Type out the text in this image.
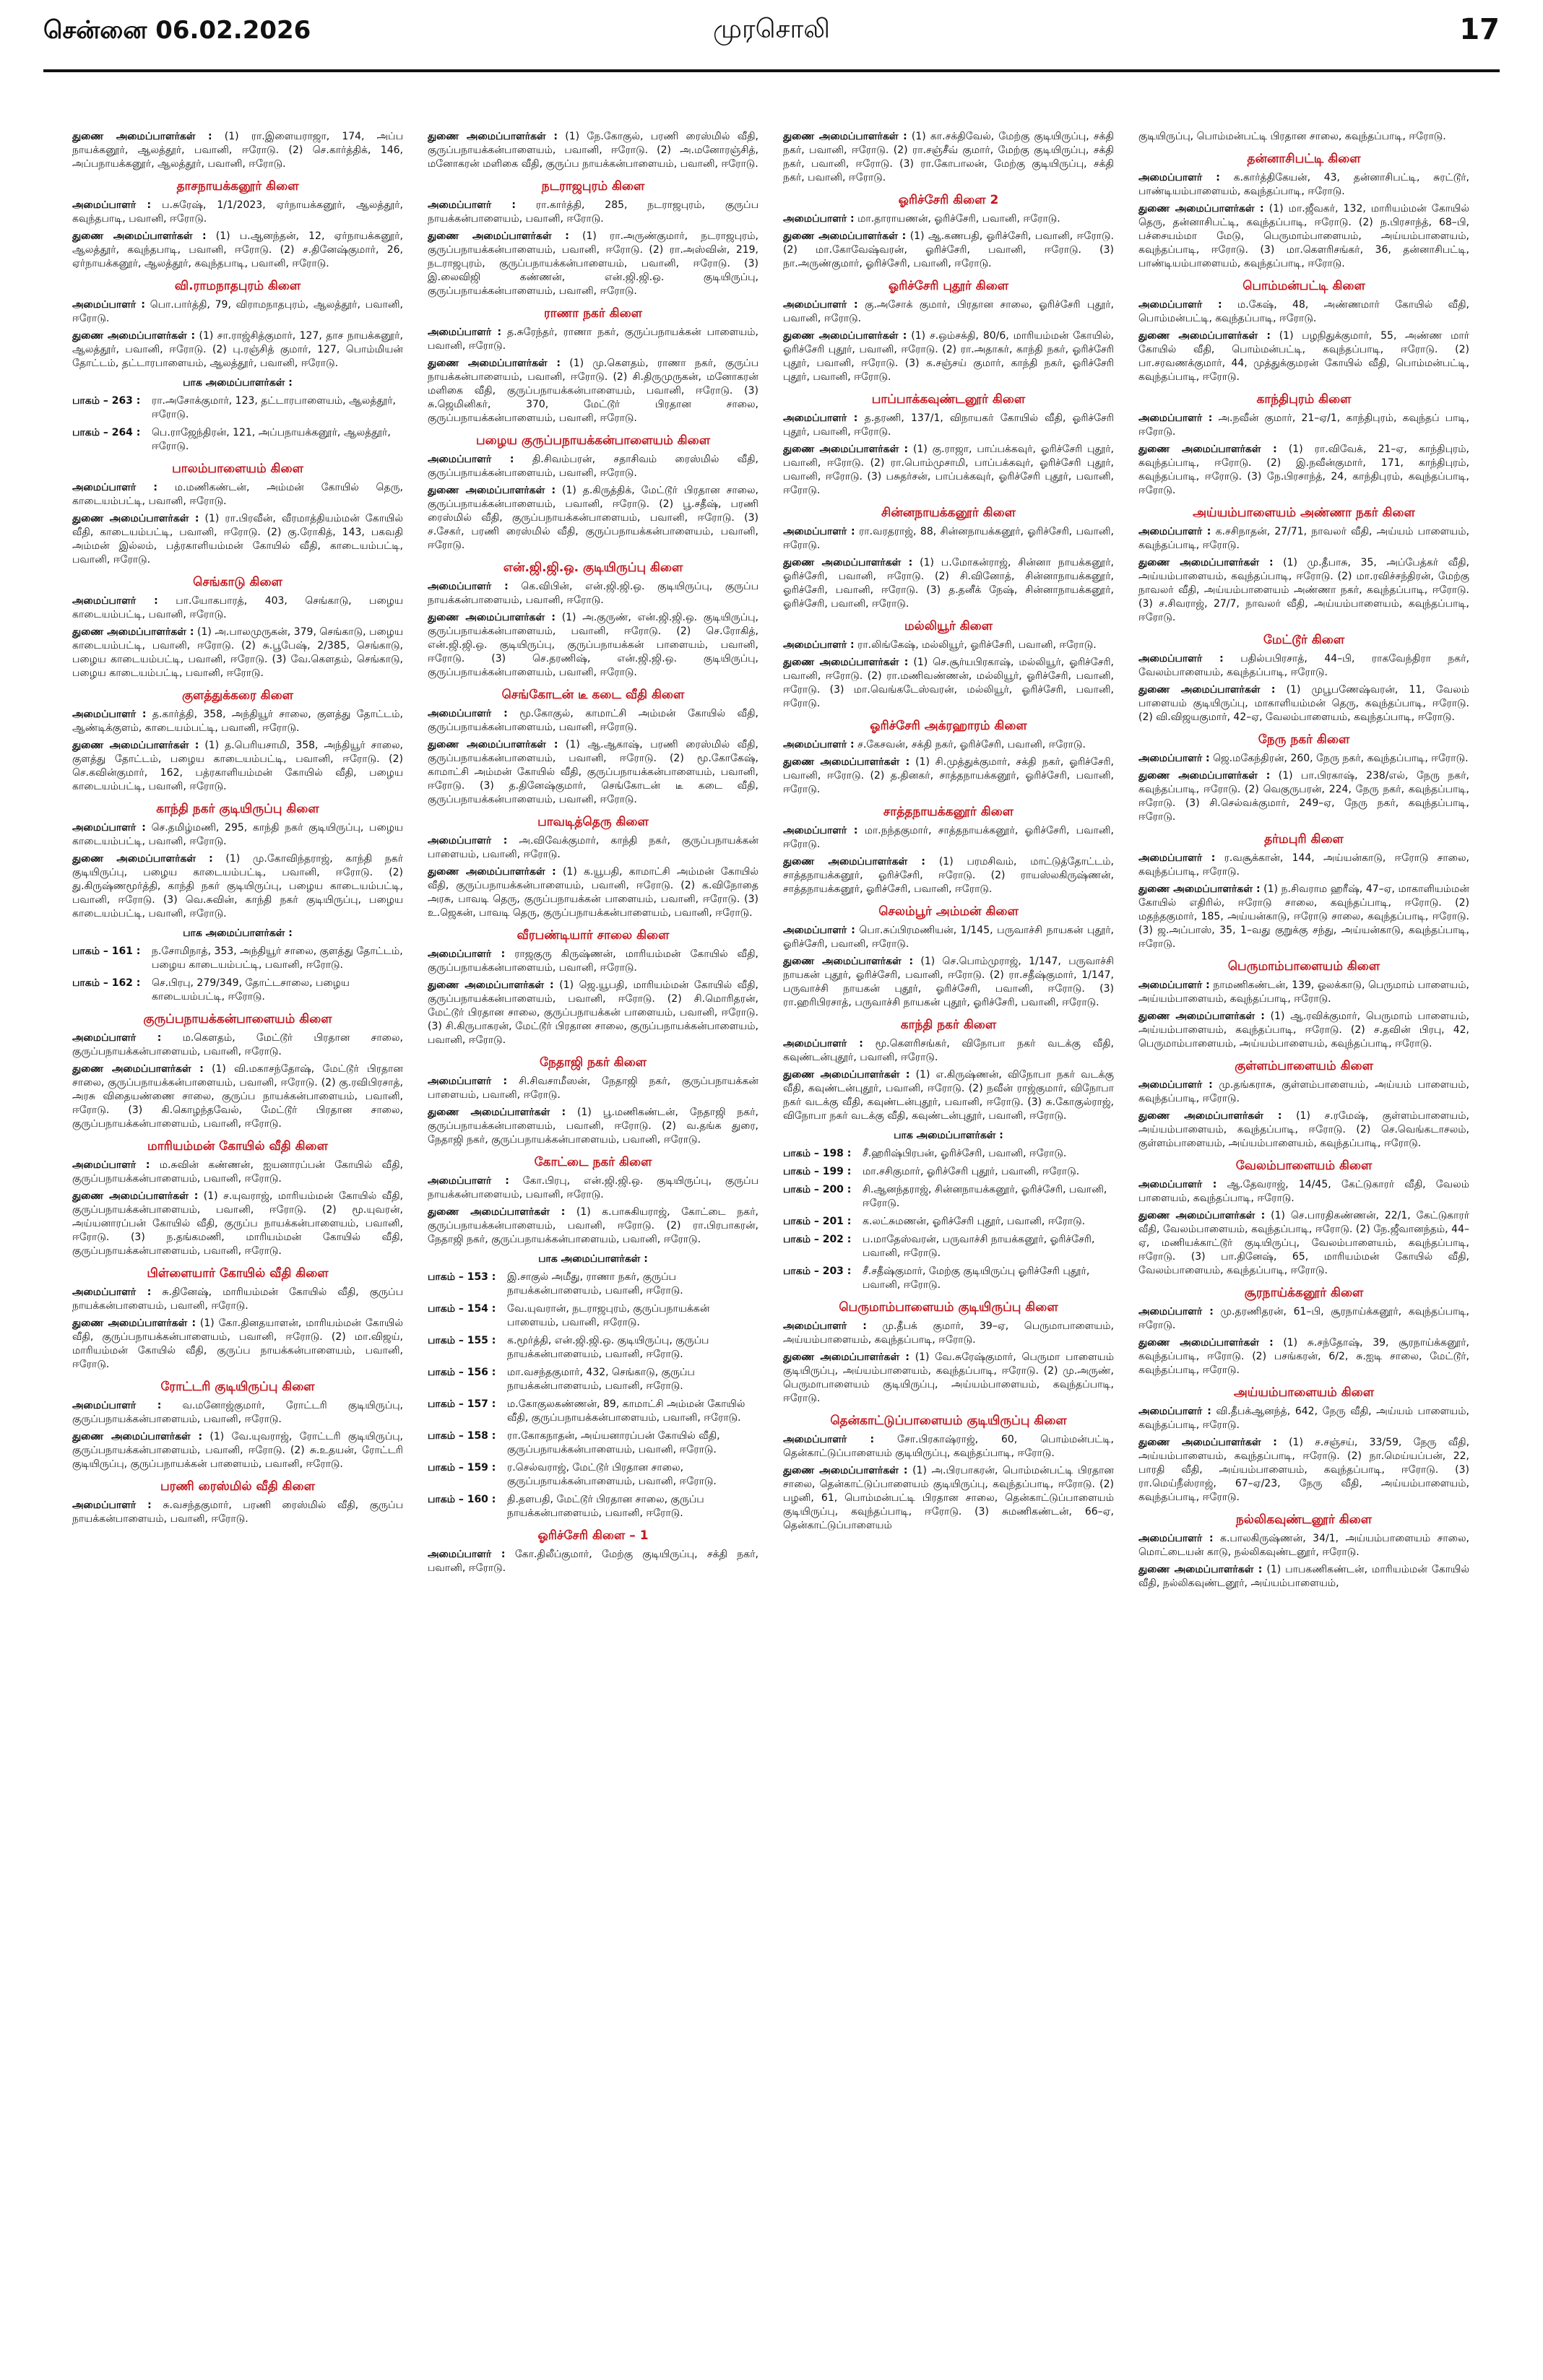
சென்னை 06.02.2026	முரசொலி	17
துணை அமைப்பாளர்கள் : (1) ரா.இளையராஜா, 174, அப்ப நாயக்கனூர், ஆலத்தூர், பவானி, ஈரோடு. (2) செ.கார்த்திக், 146, அப்பநாயக்கனூர், ஆலத்தூர், பவானி, ஈரோடு.
தாசநாயக்கனூர் கிளை
அமைப்பாளர் : ப.சுரேஷ், 1/1/2023, ஏர்நாயக்கனூர், ஆலத்தூர், கவுந்தபாடி, பவானி, ஈரோடு.
துணை அமைப்பாளர்கள் : (1) ப.ஆனந்தன், 12, ஏர்நாயக்கனூர், ஆலத்தூர், கவுந்தபாடி, பவானி, ஈரோடு. (2) ச.தினேஷ்குமார், 26, ஏர்நாயக்கனூர், ஆலத்தூர், கவுந்தபாடி, பவானி, ஈரோடு.
வி.ராமநாதபுரம் கிளை
அமைப்பாளர் : பொ.பார்த்தி, 79, விராமநாதபுரம், ஆலத்தூர், பவானி, ஈரோடு.
துணை அமைப்பாளர்கள் : (1) சா.ராஜ்சித்குமார், 127, தாச நாயக்கனூர், ஆலத்தூர், பவானி, ஈரோடு. (2) பு.ரஞ்சித் குமார், 127, பொம்மியன் தோட்டம், தட்டாரபாளையம், ஆலத்தூர், பவானி, ஈரோடு.
பாக அமைப்பாளர்கள் :
பாகம் – 263 :	ரா.அசோக்குமார், 123, தட்டாரபாளையம், ஆலத்தூர், ஈரோடு.
பாகம் – 264 :	பெ.ராஜேந்திரன், 121, அப்பநாயக்கனூர், ஆலத்தூர், ஈரோடு.
பாலம்பாளையம் கிளை
அமைப்பாளர் : ம.மணிகண்டன், அம்மன் கோயில் தெரு, காடையம்பட்டி, பவானி, ஈரோடு.
துணை அமைப்பாளர்கள் : (1) ரா.பிரவீன், வீரமாத்தியம்மன் கோயில் வீதி, காடையம்பட்டி, பவானி, ஈரோடு. (2) கு.ரோகித், 143, பகவதி அம்மன் இல்லம், பத்ரகாளியம்மன் கோயில் வீதி, காடையம்பட்டி, பவானி, ஈரோடு.
செங்காடு கிளை
அமைப்பாளர் : பா.யோகபாரத், 403, செங்காடு, பழைய காடையம்பட்டி, பவானி, ஈரோடு.
துணை அமைப்பாளர்கள் : (1) அ.பாலமுருகன், 379, செங்காடு, பழைய காடையம்பட்டி, பவானி, ஈரோடு. (2) சு.பூபேஷ், 2/385, செங்காடு, பழைய காடையம்பட்டி, பவானி, ஈரோடு. (3) வே.கௌதம், செங்காடு, பழைய காடையம்பட்டி, பவானி, ஈரோடு.
குளத்துக்கரை கிளை
அமைப்பாளர் : த.கார்த்தி, 358, அந்தியூர் சாலை, குளத்து தோட்டம், ஆண்டிக்குளம், காடையம்பட்டி, பவானி, ஈரோடு.
துணை அமைப்பாளர்கள் : (1) த.பெரியசாமி, 358, அந்தியூர் சாலை, குளத்து தோட்டம், பழைய காடையம்பட்டி, பவானி, ஈரோடு. (2) செ.கவின்குமார், 162, பத்ரகாளியம்மன் கோயில் வீதி, பழைய காடையம்பட்டி, பவானி, ஈரோடு.
காந்தி நகர் குடியிருப்பு கிளை
அமைப்பாளர் : செ.தமிழ்மணி, 295, காந்தி நகர் குடியிருப்பு, பழைய காடையம்பட்டி, பவானி, ஈரோடு.
துணை அமைப்பாளர்கள் : (1) மு.கோவிந்தராஜ், காந்தி நகர் குடியிருப்பு, பழைய காடையம்பட்டி, பவானி, ஈரோடு. (2) து.கிருஷ்ணமூர்த்தி, காந்தி நகர் குடியிருப்பு, பழைய காடையம்பட்டி, பவானி, ஈரோடு. (3) வெ.சுவின், காந்தி நகர் குடியிருப்பு, பழைய காடையம்பட்டி, பவானி, ஈரோடு.
பாக அமைப்பாளர்கள் :
பாகம் – 161 :	ந.சோமிநாத், 353, அந்தியூர் சாலை, குளத்து தோட்டம், பழைய காடையம்பட்டி, பவானி, ஈரோடு.
பாகம் – 162 :	செ.பிரபு, 279/349, தோட்டசாலை, பழைய காடையம்பட்டி, ஈரோடு.
குருப்பநாயக்கன்பாளையம் கிளை
அமைப்பாளர் : ம.கௌதம், மேட்டூர் பிரதான சாலை, குருப்பநாயக்கன்பாளையம், பவானி, ஈரோடு.
துணை அமைப்பாளர்கள் : (1) வி.மகாசந்தோஷ், மேட்டூர் பிரதான சாலை, குருப்பநாயக்கன்பாளையம், பவானி, ஈரோடு. (2) கு.ரவிபிரசாத், அரசு விதையண்ணை சாலை, குருப்ப நாயக்கன்பாளையம், பவானி, ஈரோடு. (3) கி.கொழந்தவேல், மேட்டூர் பிரதான சாலை, குருப்பநாயக்கன்பாளையம், பவானி, ஈரோடு.
மாரியம்மன் கோயில் வீதி கிளை
அமைப்பாளர் : ம.சுவின் கண்ணன், ஐயனாரப்பன் கோயில் வீதி, குருப்பநாயக்கன்பாளையம், பவானி, ஈரோடு.
துணை அமைப்பாளர்கள் : (1) ச.யுவராஜ், மாரியம்மன் கோயில் வீதி, குருப்பநாயக்கன்பாளையம், பவானி, ஈரோடு. (2) மூ.யுவரன், அய்யனாரப்பன் கோயில் வீதி, குருப்ப நாயக்கன்பாளையம், பவானி, ஈரோடு. (3) ந.தங்கமணி, மாரியம்மன் கோயில் வீதி, குருப்பநாயக்கன்பாளையம், பவானி, ஈரோடு.
பிள்ளையார் கோயில் வீதி கிளை
அமைப்பாளர் : சு.தினேஷ், மாரியம்மன் கோயில் வீதி, குருப்ப நாயக்கன்பாளையம், பவானி, ஈரோடு.
துணை அமைப்பாளர்கள் : (1) கோ.தினதயாளன், மாரியம்மன் கோயில் வீதி, குருப்பநாயக்கன்பாளையம், பவானி, ஈரோடு. (2) மா.விஜய், மாரியம்மன் கோயில் வீதி, குருப்ப நாயக்கன்பாளையம், பவானி, ஈரோடு.
ரோட்டரி குடியிருப்பு கிளை
அமைப்பாளர் : வ.மனோஜ்குமார், ரோட்டரி குடியிருப்பு, குருப்பநாயக்கன்பாளையம், பவானி, ஈரோடு.
துணை அமைப்பாளர்கள் : (1) வே.யுவராஜ், ரோட்டரி குடியிருப்பு, குருப்பநாயக்கன்பாளையம், பவானி, ஈரோடு. (2) சு.உதயன், ரோட்டரி குடியிருப்பு, குருப்பநாயக்கன் பாளையம், பவானி, ஈரோடு.
பரணி ரைஸ்மில் வீதி கிளை
அமைப்பாளர் : சு.வசந்தகுமார், பரணி ரைஸ்மில் வீதி, குருப்ப நாயக்கன்பாளையம், பவானி, ஈரோடு.
துணை அமைப்பாளர்கள் : (1) நே.கோகுல், பரணி ரைஸ்மில் வீதி, குருப்பநாயக்கன்பாளையம், பவானி, ஈரோடு. (2) அ.மனோரஞ்சித், மனோகரன் மளிகை வீதி, குருப்ப நாயக்கன்பாளையம், பவானி, ஈரோடு.
நடராஜபுரம் கிளை
அமைப்பாளர் : ரா.கார்த்தி, 285, நடராஜபுரம், குருப்ப நாயக்கன்பாளையம், பவானி, ஈரோடு.
துணை அமைப்பாளர்கள் : (1) ரா.அருண்குமார், நடராஜபுரம், குருப்பநாயக்கன்பாளையம், பவானி, ஈரோடு. (2) ரா.அஸ்வின், 219, நடராஜபுரம், குருப்பநாயக்கன்பாளையம், பவானி, ஈரோடு. (3) இ.லைவிஜி கண்ணன், என்.ஜி.ஜி.ஒ. குடியிருப்பு, குருப்பநாயக்கன்பாளையம், பவானி, ஈரோடு.
ராணா நகர் கிளை
அமைப்பாளர் : த.சுரேந்தர், ராணா நகர், குருப்பநாயக்கன் பாளையம், பவானி, ஈரோடு.
துணை அமைப்பாளர்கள் : (1) மு.கௌதம், ராணா நகர், குருப்ப நாயக்கன்பாளையம், பவானி, ஈரோடு. (2) சி.திருமுருகன், மனோகரன் மளிகை வீதி, குருப்பநாயக்கன்பாளையம், பவானி, ஈரோடு. (3) சு.ஜெமினிகர், 370, மேட்டூர் பிரதான சாலை, குருப்பநாயக்கன்பாளையம், பவானி, ஈரோடு.
பழைய குருப்பநாயக்கன்பாளையம் கிளை
அமைப்பாளர் : தி.சிவம்பரன், சதாசிவம் ரைஸ்மில் வீதி, குருப்பநாயக்கன்பாளையம், பவானி, ஈரோடு.
துணை அமைப்பாளர்கள் : (1) த.கிருத்திக், மேட்டூர் பிரதான சாலை, குருப்பநாயக்கன்பாளையம், பவானி, ஈரோடு. (2) பூ.சதீஷ், பரணி ரைஸ்மில் வீதி, குருப்பநாயக்கன்பாளையம், பவானி, ஈரோடு. (3) ச.சேகர், பரணி ரைஸ்மில் வீதி, குருப்பநாயக்கன்பாளையம், பவானி, ஈரோடு.
என்.ஜி.ஜி.ஒ. குடியிருப்பு கிளை
அமைப்பாளர் : கெ.விபின், என்.ஜி.ஜி.ஒ. குடியிருப்பு, குருப்ப நாயக்கன்பாளையம், பவானி, ஈரோடு.
துணை அமைப்பாளர்கள் : (1) அ.குருண், என்.ஜி.ஜி.ஒ. குடியிருப்பு, குருப்பநாயக்கன்பாளையம், பவானி, ஈரோடு. (2) செ.ரோகித், என்.ஜி.ஜி.ஒ. குடியிருப்பு, குருப்பநாயக்கன் பாளையம், பவானி, ஈரோடு. (3) செ.தரணிஷ், என்.ஜி.ஜி.ஒ. குடியிருப்பு, குருப்பநாயக்கன்பாளையம், பவானி, ஈரோடு.
செங்கோடன் டீ கடை வீதி கிளை
அமைப்பாளர் : மூ.கோகுல், காமாட்சி அம்மன் கோயில் வீதி, குருப்பநாயக்கன்பாளையம், பவானி, ஈரோடு.
துணை அமைப்பாளர்கள் : (1) ஆ.ஆகாஷ், பரணி ரைஸ்மில் வீதி, குருப்பநாயக்கன்பாளையம், பவானி, ஈரோடு. (2) மூ.கோகேஷ், காமாட்சி அம்மன் கோயில் வீதி, குருப்பநாயக்கன்பாளையம், பவானி, ஈரோடு. (3) த.தினேஷ்குமார், செங்கோடன் டீ கடை வீதி, குருப்பநாயக்கன்பாளையம், பவானி, ஈரோடு.
பாவடித்தெரு கிளை
அமைப்பாளர் : அ.விவேக்குமார், காந்தி நகர், குருப்பநாயக்கன் பாளையம், பவானி, ஈரோடு.
துணை அமைப்பாளர்கள் : (1) க.யூபதி, காமாட்சி அம்மன் கோயில் வீதி, குருப்பநாயக்கன்பாளையம், பவானி, ஈரோடு. (2) க.விநோதை அரசு, பாவடி தெரு, குருப்பநாயக்கன் பாளையம், பவானி, ஈரோடு. (3) உ.ஜெகன், பாவடி தெரு, குருப்பநாயக்கன்பாளையம், பவானி, ஈரோடு.
வீரபண்டியார் சாலை கிளை
அமைப்பாளர் : ராஜகுரு கிருஷ்ணன், மாரியம்மன் கோயில் வீதி, குருப்பநாயக்கன்பாளையம், பவானி, ஈரோடு.
துணை அமைப்பாளர்கள் : (1) ஜெ.யூபதி, மாரியம்மன் கோயில் வீதி, குருப்பநாயக்கன்பாளையம், பவானி, ஈரோடு. (2) சி.மொரிதரன், மேட்டூர் பிரதான சாலை, குருப்பநாயக்கன் பாளையம், பவானி, ஈரோடு. (3) சி.கிருபாகரன், மேட்டூர் பிரதான சாலை, குருப்பநாயக்கன்பாளையம், பவானி, ஈரோடு.
நேதாஜி நகர் கிளை
அமைப்பாளர் : சி.சிவசாமீஸன், நேதாஜி நகர், குருப்பநாயக்கன் பாளையம், பவானி, ஈரோடு.
துணை அமைப்பாளர்கள் : (1) பூ.மணிகண்டன், நேதாஜி நகர், குருப்பநாயக்கன்பாளையம், பவானி, ஈரோடு. (2) வ.தங்க துரை, நேதாஜி நகர், குருப்பநாயக்கன்பாளையம், பவானி, ஈரோடு.
கோட்டை நகர் கிளை
அமைப்பாளர் : கோ.பிரபு, என்.ஜி.ஜி.ஒ. குடியிருப்பு, குருப்ப நாயக்கன்பாளையம், பவானி, ஈரோடு.
துணை அமைப்பாளர்கள் : (1) க.பாசுகியராஜ், கோட்டை நகர், குருப்பநாயக்கன்பாளையம், பவானி, ஈரோடு. (2) ரா.பிரபாகரன், நேதாஜி நகர், குருப்பநாயக்கன்பாளையம், பவானி, ஈரோடு.
பாக அமைப்பாளர்கள் :
பாகம் – 153 :	இ.சாகுல் அமீது, ராணா நகர், குருப்ப நாயக்கன்பாளையம், பவானி, ஈரோடு.
பாகம் – 154 :	வே.யுவரான், நடராஜபுரம், குருப்பநாயக்கன் பாளையம், பவானி, ஈரோடு.
பாகம் – 155 :	க.மூர்த்தி, என்.ஜி.ஜி.ஒ. குடியிருப்பு, குருப்ப நாயக்கன்பாளையம், பவானி, ஈரோடு.
பாகம் – 156 :	மா.வசந்தகுமார், 432, செங்காடு, குருப்ப நாயக்கன்பாளையம், பவானி, ஈரோடு.
பாகம் – 157 :	ம.கோகுலகண்ணன், 89, காமாட்சி அம்மன் கோயில் வீதி, குருப்பநாயக்கன்பாளையம், பவானி, ஈரோடு.
பாகம் – 158 :	ரா.கோகநாதன், அய்யனாரப்பன் கோயில் வீதி, குருப்பநாயக்கன்பாளையம், பவானி, ஈரோடு.
பாகம் – 159 :	ர.செல்வராஜ், மேட்டூர் பிரதான சாலை, குருப்பநாயக்கன்பாளையம், பவானி, ஈரோடு.
பாகம் – 160 :	தி.தளபதி, மேட்டூர் பிரதான சாலை, குருப்ப நாயக்கன்பாளையம், பவானி, ஈரோடு.
ஓரிச்சேரி கிளை – 1
அமைப்பாளர் : கோ.திலீப்குமார், மேற்கு குடியிருப்பு, சக்தி நகர், பவானி, ஈரோடு.
துணை அமைப்பாளர்கள் : (1) கா.சக்திவேல், மேற்கு குடியிருப்பு, சக்தி நகர், பவானி, ஈரோடு. (2) ரா.சஞ்சீவ் குமார், மேற்கு குடியிருப்பு, சக்தி நகர், பவானி, ஈரோடு. (3) ரா.கோபாலன், மேற்கு குடியிருப்பு, சக்தி நகர், பவானி, ஈரோடு.
ஓரிச்சேரி கிளை 2
அமைப்பாளர் : மா.தாராயணன், ஓரிச்சேரி, பவானி, ஈரோடு.
துணை அமைப்பாளர்கள் : (1) ஆ.கணபதி, ஓரிச்சேரி, பவானி, ஈரோடு. (2) மா.கோவேஷ்வரன், ஓரிச்சேரி, பவானி, ஈரோடு. (3) நா.அருண்குமார், ஓரிச்சேரி, பவானி, ஈரோடு.
ஓரிச்சேரி புதூர் கிளை
அமைப்பாளர் : கு.அசோக் குமார், பிரதான சாலை, ஓரிச்சேரி புதூர், பவானி, ஈரோடு.
துணை அமைப்பாளர்கள் : (1) ச.ஒம்சக்தி, 80/6, மாரியம்மன் கோயில், ஓரிச்சேரி புதூர், பவானி, ஈரோடு. (2) ரா.அதாகர், காந்தி நகர், ஓரிச்சேரி புதூர், பவானி, ஈரோடு. (3) க.சஞ்சய் குமார், காந்தி நகர், ஓரிச்சேரி புதூர், பவானி, ஈரோடு.
பாப்பாக்கவுண்டனூர் கிளை
அமைப்பாளர் : த.தரணி, 137/1, விநாயகர் கோயில் வீதி, ஓரிச்சேரி புதூர், பவானி, ஈரோடு.
துணை அமைப்பாளர்கள் : (1) கு.ராஜா, பாப்பக்கவுர், ஓரிச்சேரி புதூர், பவானி, ஈரோடு. (2) ரா.பொம்முசாமி, பாப்பக்கவுர், ஓரிச்சேரி புதூர், பவானி, ஈரோடு. (3) பசுதர்சன், பாப்பக்கவுர், ஓரிச்சேரி புதூர், பவானி, ஈரோடு.
சின்னநாயக்கனூர் கிளை
அமைப்பாளர் : ரா.வரதராஜ், 88, சின்னநாயக்கனூர், ஓரிச்சேரி, பவானி, ஈரோடு.
துணை அமைப்பாளர்கள் : (1) ப.மோகன்ராஜ், சின்னா நாயக்கனூர், ஓரிச்சேரி, பவானி, ஈரோடு. (2) சி.வினோத், சின்னாநாயக்கனூர், ஓரிச்சேரி, பவானி, ஈரோடு. (3) த.தனீக் நேஷ், சின்னாநாயக்கனூர், ஓரிச்சேரி, பவானி, ஈரோடு.
மல்லியூர் கிளை
அமைப்பாளர் : ரா.லிங்கேஷ், மல்லியூர், ஓரிச்சேரி, பவானி, ஈரோடு.
துணை அமைப்பாளர்கள் : (1) செ.சூர்யபிரகாஷ், மல்லியூர், ஓரிச்சேரி, பவானி, ஈரோடு. (2) ரா.மணிவண்ணன், மல்லியூர், ஓரிச்சேரி, பவானி, ஈரோடு. (3) மா.வெங்கடேஸ்வரன், மல்லியூர், ஓரிச்சேரி, பவானி, ஈரோடு.
ஓரிச்சேரி அக்ரஹாரம் கிளை
அமைப்பாளர் : ச.கேசவன், சக்தி நகர், ஓரிச்சேரி, பவானி, ஈரோடு.
துணை அமைப்பாளர்கள் : (1) சி.முத்துக்குமார், சக்தி நகர், ஓரிச்சேரி, பவானி, ஈரோடு. (2) த.தினகர், சாத்தநாயக்கனூர், ஓரிச்சேரி, பவானி, ஈரோடு.
சாத்தநாயக்கனூர் கிளை
அமைப்பாளர் : மா.நந்தகுமார், சாத்தநாயக்கனூர், ஓரிச்சேரி, பவானி, ஈரோடு.
துணை அமைப்பாளர்கள் : (1) பரமசிவம், மாட்டுத்தோட்டம், சாத்தநாயக்கனூர், ஓரிச்சேரி, ஈரோடு. (2) ராயஸ்லகிருஷ்ணன், சாத்தநாயக்கனூர், ஓரிச்சேரி, பவானி, ஈரோடு.
செலம்பூர் அம்மன் கிளை
அமைப்பாளர் : பொ.சுப்பிரமணியன், 1/145, பருவாச்சி நாயகன் புதூர், ஓரிச்சேரி, பவானி, ஈரோடு.
துணை அமைப்பாளர்கள் : (1) செ.பொம்முராஜ், 1/147, பருவாச்சி நாயகன் புதூர், ஓரிச்சேரி, பவானி, ஈரோடு. (2) ரா.சதீஷ்குமார், 1/147, பருவாச்சி நாயகன் புதூர், ஓரிச்சேரி, பவானி, ஈரோடு. (3) ரா.ஹரிபிரசாத், பருவாச்சி நாயகன் புதூர், ஓரிச்சேரி, பவானி, ஈரோடு.
காந்தி நகர் கிளை
அமைப்பாளர் : மூ.கௌரிசங்கர், விநோபா நகர் வடக்கு வீதி, கவுண்டன்புதூர், பவானி, ஈரோடு.
துணை அமைப்பாளர்கள் : (1) எ.கிருஷ்ணன், விநோபா நகர் வடக்கு வீதி, கவுண்டன்புதூர், பவானி, ஈரோடு. (2) நவீன் ராஜ்குமார், விநோபா நகர் வடக்கு வீதி, கவுண்டன்புதூர், பவானி, ஈரோடு. (3) சு.கோகுல்ராஜ், விநோபா நகர் வடக்கு வீதி, கவுண்டன்புதூர், பவானி, ஈரோடு.
பாக அமைப்பாளர்கள் :
பாகம் – 198 :	சீ.ஹரிஷ்பிரபன், ஓரிச்சேரி, பவானி, ஈரோடு.
பாகம் – 199 :	மா.சசிகுமார், ஓரிச்சேரி புதூர், பவானி, ஈரோடு.
பாகம் – 200 :	சி.ஆனந்தராஜ், சின்னநாயக்கனூர், ஓரிச்சேரி, பவானி, ஈரோடு.
பாகம் – 201 :	க.லட்சுமணன், ஓரிச்சேரி புதூர், பவானி, ஈரோடு.
பாகம் – 202 :	ப.மாதேஸ்வரன், பருவாச்சி நாயக்கனூர், ஓரிச்சேரி, பவானி, ஈரோடு.
பாகம் – 203 :	சீ.சதீஷ்குமார், மேற்கு குடியிருப்பு ஓரிச்சேரி புதூர், பவானி, ஈரோடு.
பெருமாம்பாளையம் குடியிருப்பு கிளை
அமைப்பாளர் : மு.தீபக் குமார், 39–ஏ, பெருமாபாளையம், அய்யம்பாளையம், கவுந்தப்பாடி, ஈரோடு.
துணை அமைப்பாளர்கள் : (1) வே.சுரேஷ்குமார், பெருமா பாளையம் குடியிருப்பு, அய்யம்பாளையம், கவுந்தப்பாடி, ஈரோடு. (2) மு.அருண், பெருமாபாளையம் குடியிருப்பு, அய்யம்பாளையம், கவுந்தப்பாடி, ஈரோடு.
தென்காட்டுப்பாளையம் குடியிருப்பு கிளை
அமைப்பாளர் : சோ.பிரகாஷ்ராஜ், 60, பொம்மன்பட்டி, தென்காட்டுப்பாளையம் குடியிருப்பு, கவுந்தப்பாடி, ஈரோடு.
துணை அமைப்பாளர்கள் : (1) அ.பிரபாகரன், பொம்மன்பட்டி பிரதான சாலை, தென்காட்டுப்பாளையம் குடியிருப்பு, கவுந்தப்பாடி, ஈரோடு. (2) பழனி, 61, பொம்மன்பட்டி பிரதான சாலை, தென்காட்டுப்பாளையம் குடியிருப்பு, கவுந்தப்பாடி, ஈரோடு. (3) சுமணிகண்டன், 66–ஏ, தென்காட்டுப்பாளையம்
குடியிருப்பு, பொம்மன்பட்டி பிரதான சாலை, கவுந்தப்பாடி, ஈரோடு.
தன்னாசிபட்டி கிளை
அமைப்பாளர் : க.கார்த்திகேயன், 43, தன்னாசிபட்டி, சுரட்டூர், பாண்டியம்பாளையம், கவுந்தப்பாடி, ஈரோடு.
துணை அமைப்பாளர்கள் : (1) மா.ஜீவகர், 132, மாரியம்மன் கோயில் தெரு, தன்னாசிபட்டி, கவுந்தப்பாடி, ஈரோடு. (2) ந.பிரசாந்த், 68–பி, பச்சையம்மா மேடு, பெருமாம்பாளையம், அய்யம்பாளையம், கவுந்தப்பாடி, ஈரோடு. (3) மா.கௌரிசங்கர், 36, தன்னாசிபட்டி, பாண்டியம்பாளையம், கவுந்தப்பாடி, ஈரோடு.
பொம்மன்பட்டி கிளை
அமைப்பாளர் : ம.கேஷ், 48, அண்ணமார் கோயில் வீதி, பொம்மன்பட்டி, கவுந்தப்பாடி, ஈரோடு.
துணை அமைப்பாளர்கள் : (1) பழநிதுக்குமார், 55, அண்ண மார் கோயில் வீதி, பொம்மன்பட்டி, கவுந்தப்பாடி, ஈரோடு. (2) பா.சரவணக்குமார், 44, முத்துக்குமரன் கோயில் வீதி, பொம்மன்பட்டி, கவுந்தப்பாடி, ஈரோடு.
காந்திபுரம் கிளை
அமைப்பாளர் : அ.நவீன் குமார், 21–ஏ/1, காந்திபுரம், கவுந்தப் பாடி, ஈரோடு.
துணை அமைப்பாளர்கள் : (1) ரா.விவேக், 21–ஏ, காந்திபுரம், கவுந்தப்பாடி, ஈரோடு. (2) இ.நவீன்குமார், 171, காந்திபுரம், கவுந்தப்பாடி, ஈரோடு. (3) நே.பிரசாந்த், 24, காந்திபுரம், கவுந்தப்பாடி, ஈரோடு.
அய்யம்பாளையம் அண்ணா நகர் கிளை
அமைப்பாளர் : க.சசிநாதன், 27/71, நாவலர் வீதி, அய்யம் பாளையம், கவுந்தப்பாடி, ஈரோடு.
துணை அமைப்பாளர்கள் : (1) மு.தீபாசு, 35, அப்பேத்கர் வீதி, அய்யம்பாளையம், கவுந்தப்பாடி, ஈரோடு. (2) மா.ரவிச்சந்திரன், மேற்கு நாவலர் வீதி, அய்யம்பாளையம் அண்ணா நகர், கவுந்தப்பாடி, ஈரோடு. (3) ச.சிவராஜ், 27/7, நாவலர் வீதி, அய்யம்பாளையம், கவுந்தப்பாடி, ஈரோடு.
மேட்டூர் கிளை
அமைப்பாளர் : பதில்பபிரசாத், 44–பி, ராகவேந்திரா நகர், வேலம்பாளையம், கவுந்தப்பாடி, ஈரோடு.
துணை அமைப்பாளர்கள் : (1) முபூபணேஷ்வரன், 11, வேலம் பாளையம் குடியிருப்பு, மாகாளியம்மன் தெரு, கவுந்தப்பாடி, ஈரோடு. (2) வி.விஜயகுமார், 42–ஏ, வேலம்பாளையம், கவுந்தப்பாடி, ஈரோடு.
நேரு நகர் கிளை
அமைப்பாளர் : ஜெ.மகேந்திரன், 260, நேரு நகர், கவுந்தப்பாடி, ஈரோடு.
துணை அமைப்பாளர்கள் : (1) பா.பிரகாஷ், 238/எல், நேரு நகர், கவுந்தப்பாடி, ஈரோடு. (2) வெகுருபரன், 224, நேரு நகர், கவுந்தப்பாடி, ஈரோடு. (3) சி.செல்வக்குமார், 249–ஏ, நேரு நகர், கவுந்தப்பாடி, ஈரோடு.
தர்மபுரி கிளை
அமைப்பாளர் : ர.வசூக்கான், 144, அய்யன்காடு, ஈரோடு சாலை, கவுந்தப்பாடி, ஈரோடு.
துணை அமைப்பாளர்கள் : (1) ந.சிவராம ஹரீஷ், 47–ஏ, மாகாளியம்மன் கோயில் எதிரில், ஈரோடு சாலை, கவுந்தப்பாடி, ஈரோடு. (2) மதந்தகுமார், 185, அய்யன்காடு, ஈரோடு சாலை, கவுந்தப்பாடி, ஈரோடு. (3) ஜ.அப்பாஸ், 35, 1–வது குறுக்கு சந்து, அய்யன்காடு, கவுந்தப்பாடி, ஈரோடு.
பெருமாம்பாளையம் கிளை
அமைப்பாளர் : நாமணிகண்டன், 139, ஓலக்காடு, பெருமாம் பாளையம், அய்யம்பாளையம், கவுந்தப்பாடி, ஈரோடு.
துணை அமைப்பாளர்கள் : (1) ஆ.ரவிக்குமார், பெருமாம் பாளையம், அய்யம்பாளையம், கவுந்தப்பாடி, ஈரோடு. (2) ச.தவின் பிரபு, 42, பெருமாம்பாளையம், அய்யம்பாளையம், கவுந்தப்பாடி, ஈரோடு.
குள்ளம்பாளையம் கிளை
அமைப்பாளர் : மு.தங்கராசு, குள்ளம்பாளையம், அய்யம் பாளையம், கவுந்தப்பாடி, ஈரோடு.
துணை அமைப்பாளர்கள் : (1) ச.ரமேஷ், குள்ளம்பாளையம், அய்யம்பாளையம், கவுந்தப்பாடி, ஈரோடு. (2) செ.வெங்கடாசலம், குள்ளம்பாளையம், அய்யம்பாளையம், கவுந்தப்பாடி, ஈரோடு.
வேலம்பாளையம் கிளை
அமைப்பாளர் : ஆ.தேவராஜ், 14/45, கேட்டுகாரர் வீதி, வேலம் பாளையம், கவுந்தப்பாடி, ஈரோடு.
துணை அமைப்பாளர்கள் : (1) செ.பாரதிகண்ணன், 22/1, கேட்டுகாரர் வீதி, வேலம்பாளையம், கவுந்தப்பாடி, ஈரோடு. (2) நே.ஜீவானந்தம், 44–ஏ, மணியக்காட்டூர் குடியிருப்பு, வேலம்பாளையம், கவுந்தப்பாடி, ஈரோடு. (3) பா.தினேஷ், 65, மாரியம்மன் கோயில் வீதி, வேலம்பாளையம், கவுந்தப்பாடி, ஈரோடு.
சூரநாய்க்கனூர் கிளை
அமைப்பாளர் : மு.தரணிதரன், 61–பி, சூரநாய்க்கனூர், கவுந்தப்பாடி, ஈரோடு.
துணை அமைப்பாளர்கள் : (1) சு.சந்தோஷ், 39, சூரநாய்க்கனூர், கவுந்தப்பாடி, ஈரோடு. (2) பசங்கரன், 6/2, சு.ஐடி சாலை, மேட்டூர், கவுந்தப்பாடி, ஈரோடு.
அய்யம்பாளையம் கிளை
அமைப்பாளர் : வி.தீபக்ஆனந்த், 642, நேரு வீதி, அய்யம் பாளையம், கவுந்தப்பாடி, ஈரோடு.
துணை அமைப்பாளர்கள் : (1) ச.சஞ்சய், 33/59, நேரு வீதி, அய்யம்பாளையம், கவுந்தப்பாடி, ஈரோடு. (2) நா.மெய்யப்பன், 22, பாரதி வீதி, அய்யம்பாளையம், கவுந்தப்பாடி, ஈரோடு. (3) ரா.மெய்நீஸ்ராஜ், 67–ஏ/23, நேரு வீதி, அய்யம்பாளையம், கவுந்தப்பாடி, ஈரோடு.
நல்லிகவுண்டனூர் கிளை
அமைப்பாளர் : க.பாலகிருஷ்ணன், 34/1, அய்யம்பாளையம் சாலை, மொட்டையன் காடு, நல்லிகவுண்டனூர், ஈரோடு.
துணை அமைப்பாளர்கள் : (1) பாபகணிகண்டன், மாரியம்மன் கோயில் வீதி, நல்லிகவுண்டனூர், அய்யம்பாளையம்,
